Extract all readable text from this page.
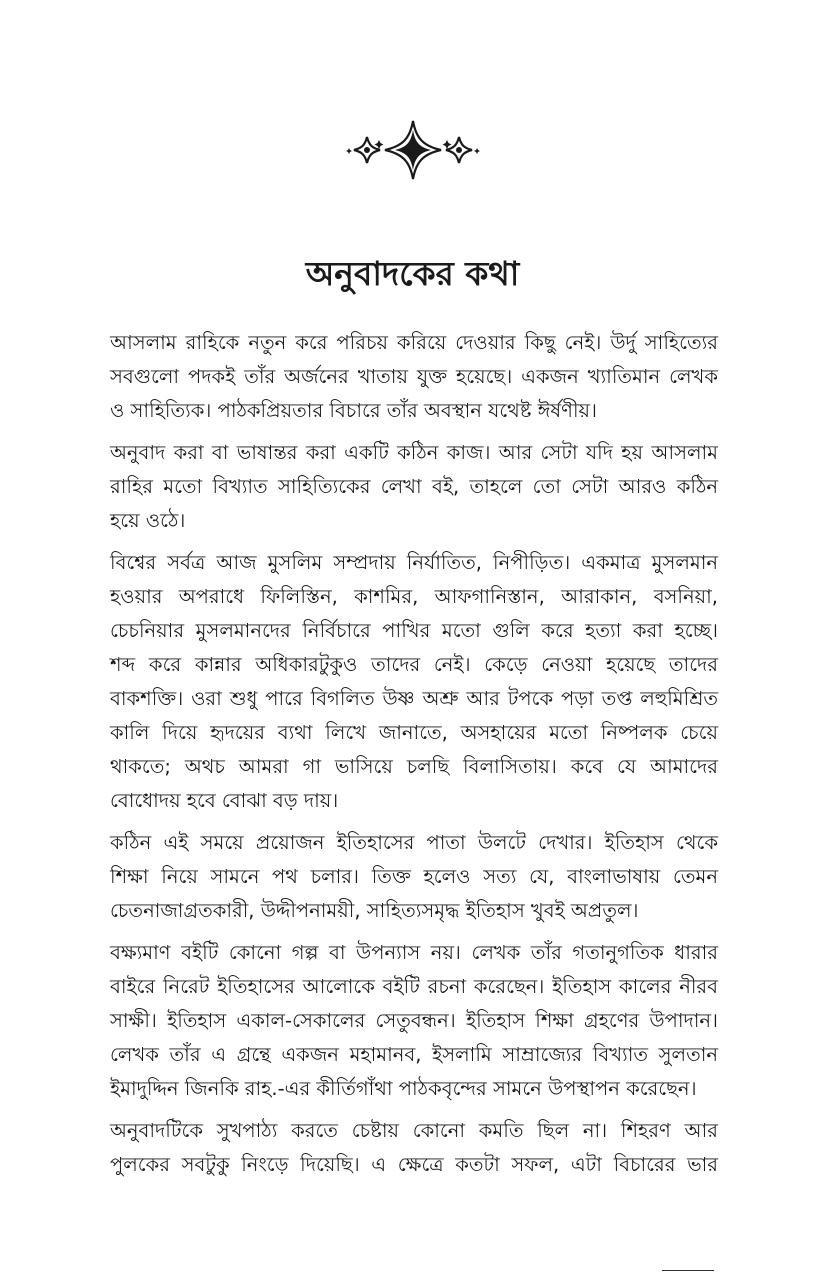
অনুবাদকের কথা

আসলাম রাহিকে নতুন করে পরিচয় করিয়ে দেওয়ার কিছু নেই। উর্দু সাহিত্যের
সবগুলো পদকই তাঁর অর্জনের খাতায় যুক্ত হয়েছে। একজন খ্যাতিমান লেখক
ও সাহিত্যিক। পাঠকপ্রিয়তার বিচারে তাঁর অবস্থান যথেষ্ট ঈর্ষণীয়।

অনুবাদ করা বা ভাষান্তর করা একটি কঠিন কাজ। আর সেটা যদি হয় আসলাম
রাহির মতো বিখ্যাত সাহিত্যিকের লেখা বই, তাহলে তো সেটা আরও কঠিন
হয়ে ওঠে।

বিশ্বের সর্বত্র আজ মুসলিম সম্প্রদায় নির্যাতিত, নিপীড়িত। একমাত্র মুসলমান
হওয়ার অপরাধে ফিলিস্তিন, কাশমির, আফগানিস্তান, আরাকান, বসনিয়া,
চেচনিয়ার মুসলমানদের নির্বিচারে পাখির মতো গুলি করে হত্যা করা হচ্ছে।
শব্দ করে কান্নার অধিকারটুকুও তাদের নেই। কেড়ে নেওয়া হয়েছে তাদের
বাকশক্তি। ওরা শুধু পারে বিগলিত উষ্ণ অশ্রু আর টপকে পড়া তপ্ত লহুমিশ্রিত
কালি দিয়ে হৃদয়ের ব্যথা লিখে জানাতে, অসহায়ের মতো নিষ্পলক চেয়ে
থাকতে; অথচ আমরা গা ভাসিয়ে চলছি বিলাসিতায়। কবে যে আমাদের
বোধোদয় হবে বোঝা বড় দায়।

কঠিন এই সময়ে প্রয়োজন ইতিহাসের পাতা উলটে দেখার। ইতিহাস থেকে
শিক্ষা নিয়ে সামনে পথ চলার। তিক্ত হলেও সত্য যে, বাংলাভাষায় তেমন
চেতনাজাগ্রতকারী, উদ্দীপনাময়ী, সাহিত্যসমৃদ্ধ ইতিহাস খুবই অপ্রতুল।

বক্ষ্যমাণ বইটি কোনো গল্প বা উপন্যাস নয়। লেখক তাঁর গতানুগতিক ধারার
বাইরে নিরেট ইতিহাসের আলোকে বইটি রচনা করেছেন। ইতিহাস কালের নীরব
সাক্ষী। ইতিহাস একাল-সেকালের সেতুবন্ধন। ইতিহাস শিক্ষা গ্রহণের উপাদান।
লেখক তাঁর এ গ্রন্থে একজন মহামানব, ইসলামি সাম্রাজ্যের বিখ্যাত সুলতান
ইমাদুদ্দিন জিনকি রাহ.-এর কীর্তিগাঁথা পাঠকবৃন্দের সামনে উপস্থাপন করেছেন।

অনুবাদটিকে সুখপাঠ্য করতে চেষ্টায় কোনো কমতি ছিল না। শিহরণ আর
পুলকের সবটুকু নিংড়ে দিয়েছি। এ ক্ষেত্রে কতটা সফল, এটা বিচারের ভার
